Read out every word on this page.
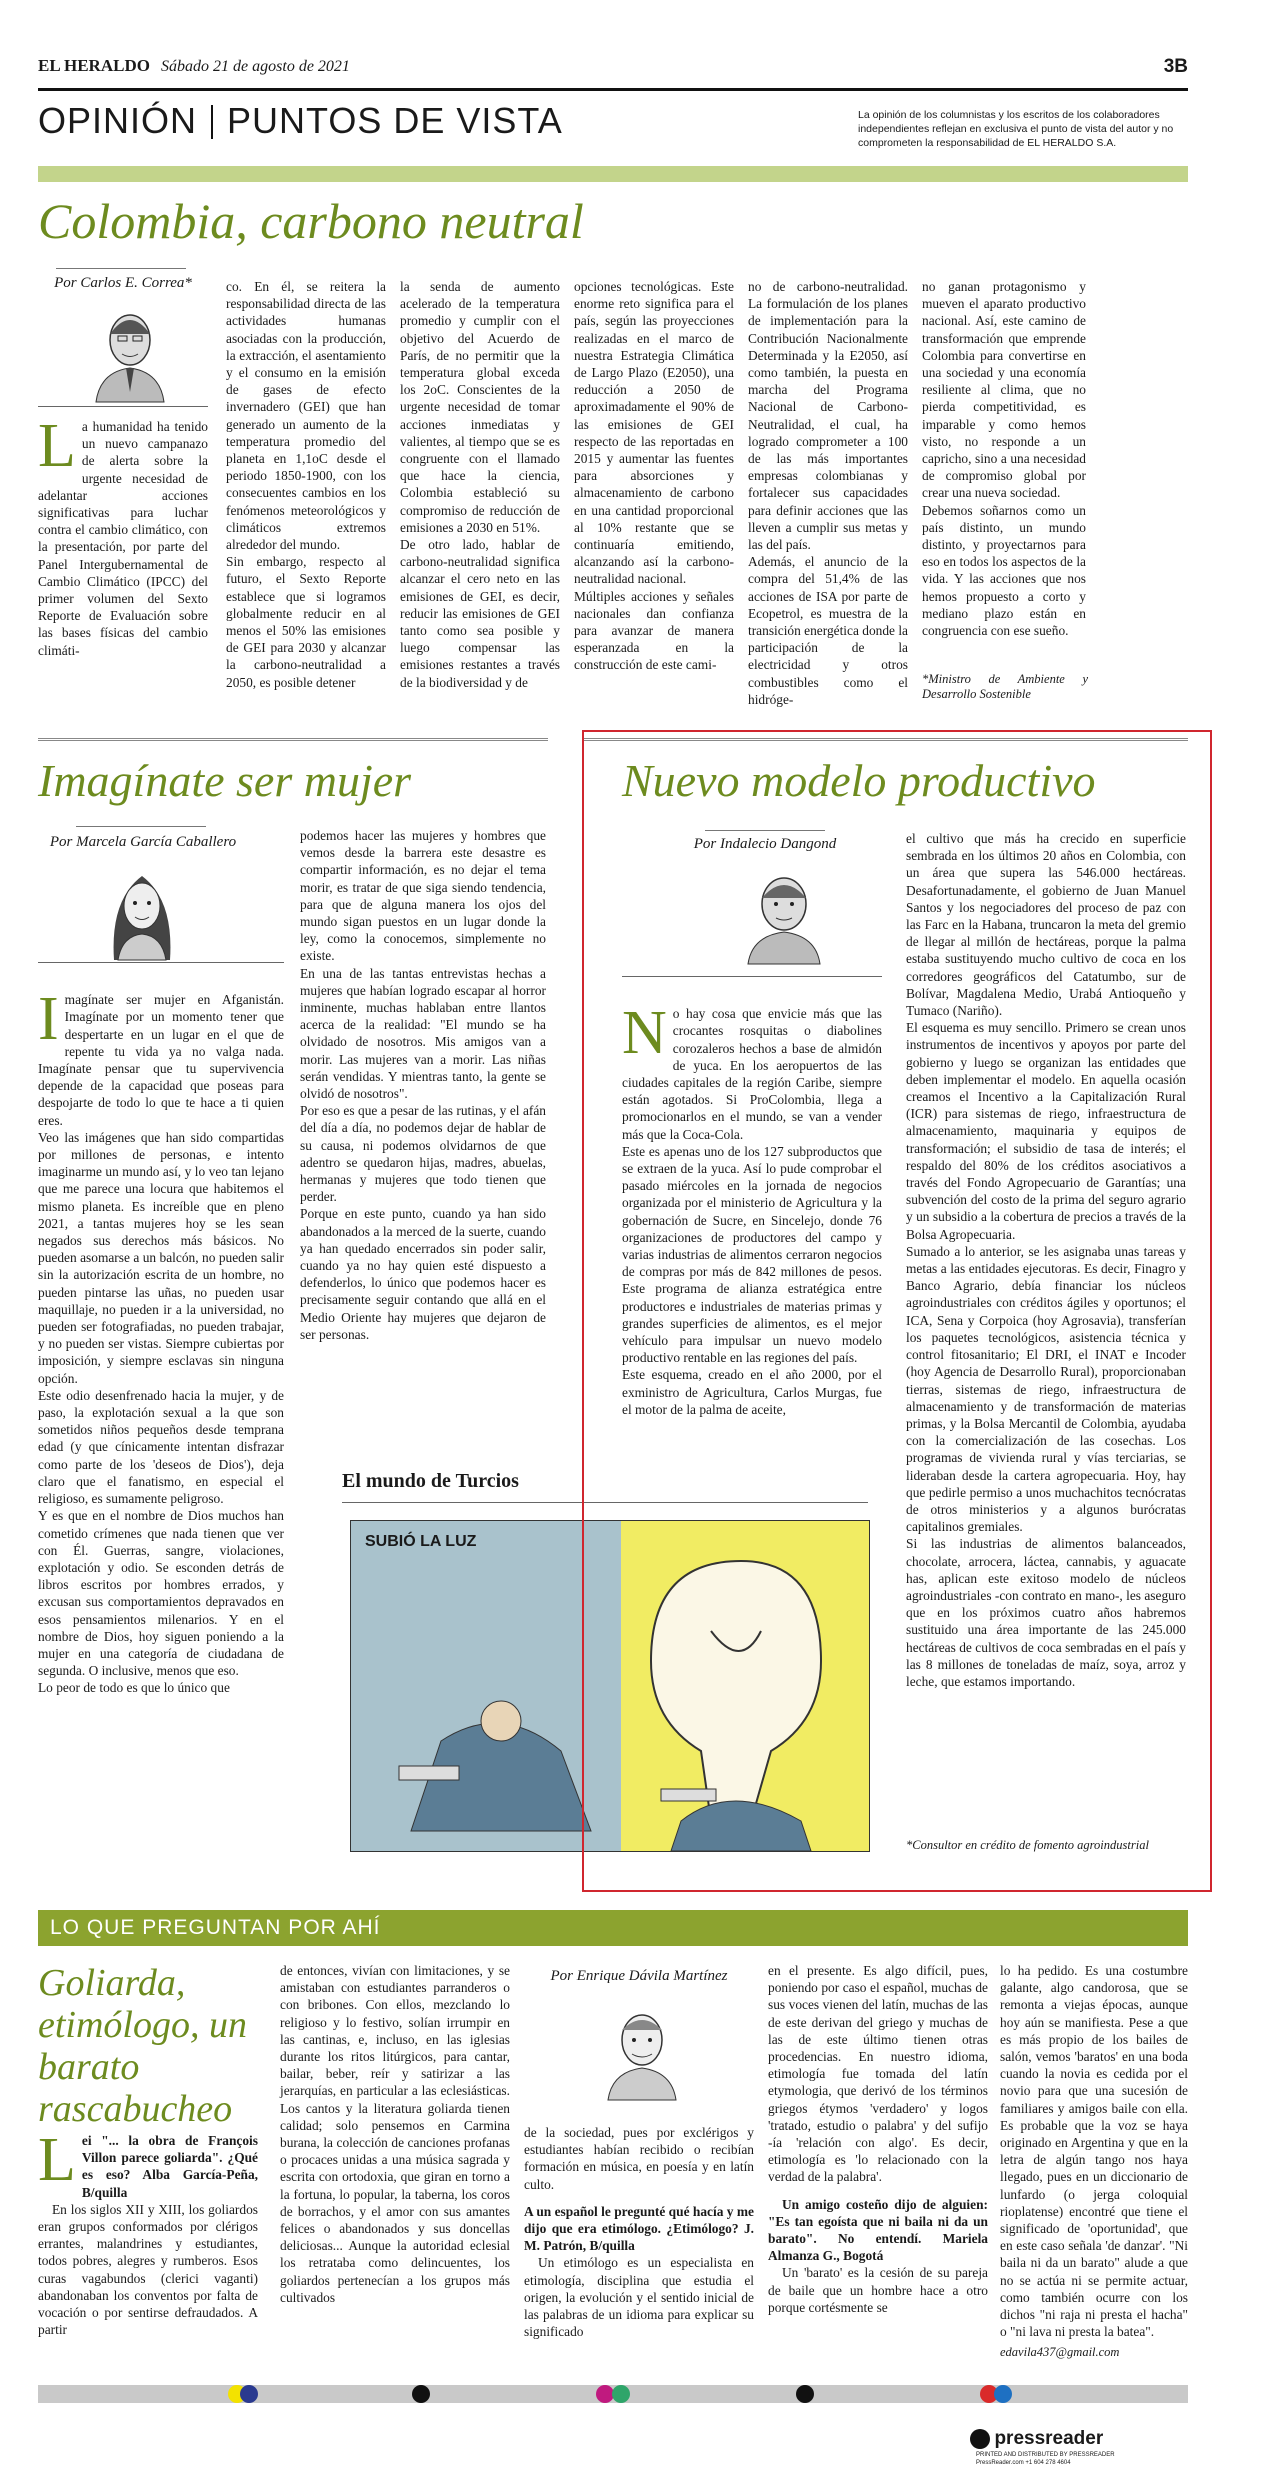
EL HERALDO Sábado 21 de agosto de 2021	3B
OPINIÓN PUNTOS DE VISTA	La opinión de los columnistas y los escritos de los colaboradores independientes reflejan en exclusiva el punto de vista del autor y no comprometen la responsabilidad de EL HERALDO S.A.
Colombia, carbono neutral
Por Carlos E. Correa*
La humanidad ha tenido un nuevo campanazo de alerta sobre la urgente necesidad de adelantar acciones significativas para luchar contra el cambio climático, con la presentación, por parte del Panel Intergubernamental de Cambio Climático (IPCC) del primer volumen del Sexto Reporte de Evaluación sobre las bases físicas del cambio climáti-
co. En él, se reitera la responsabilidad directa de las actividades humanas asociadas con la producción, la extracción, el asentamiento y el consumo en la emisión de gases de efecto invernadero (GEI) que han generado un aumento de la temperatura promedio del planeta en 1,1oC desde el periodo 1850-1900, con los consecuentes cambios en los fenómenos meteorológicos y climáticos extremos alrededor del mundo.
Sin embargo, respecto al futuro, el Sexto Reporte establece que si logramos globalmente reducir en al menos el 50% las emisiones de GEI para 2030 y alcanzar la carbono-neutralidad a 2050, es posible detener
la senda de aumento acelerado de la temperatura promedio y cumplir con el objetivo del Acuerdo de París, de no permitir que la temperatura global exceda los 2oC. Conscientes de la urgente necesidad de tomar acciones inmediatas y valientes, al tiempo que se es congruente con el llamado que hace la ciencia, Colombia estableció su compromiso de reducción de emisiones a 2030 en 51%.
De otro lado, hablar de carbono-neutralidad significa alcanzar el cero neto en las emisiones de GEI, es decir, reducir las emisiones de GEI tanto como sea posible y luego compensar las emisiones restantes a través de la biodiversidad y de
opciones tecnológicas. Este enorme reto significa para el país, según las proyecciones realizadas en el marco de nuestra Estrategia Climática de Largo Plazo (E2050), una reducción a 2050 de aproximadamente el 90% de las emisiones de GEI respecto de las reportadas en 2015 y aumentar las fuentes para absorciones y almacenamiento de carbono en una cantidad proporcional al 10% restante que se continuaría emitiendo, alcanzando así la carbono-neutralidad nacional.
Múltiples acciones y señales nacionales dan confianza para avanzar de manera esperanzada en la construcción de este cami-
no de carbono-neutralidad. La formulación de los planes de implementación para la Contribución Nacionalmente Determinada y la E2050, así como también, la puesta en marcha del Programa Nacional de Carbono-Neutralidad, el cual, ha logrado comprometer a 100 de las más importantes empresas colombianas y fortalecer sus capacidades para definir acciones que las lleven a cumplir sus metas y las del país.
Además, el anuncio de la compra del 51,4% de las acciones de ISA por parte de Ecopetrol, es muestra de la transición energética donde la participación de la electricidad y otros combustibles como el hidróge-
no ganan protagonismo y mueven el aparato productivo nacional. Así, este camino de transformación que emprende Colombia para convertirse en una sociedad y una economía resiliente al clima, que no pierda competitividad, es imparable y como hemos visto, no responde a un capricho, sino a una necesidad de compromiso global por crear una nueva sociedad.
Debemos soñarnos como un país distinto, un mundo distinto, y proyectarnos para eso en todos los aspectos de la vida. Y las acciones que nos hemos propuesto a corto y mediano plazo están en congruencia con ese sueño.
*Ministro de Ambiente y Desarrollo Sostenible
Imagínate ser mujer
Por Marcela García Caballero

Imagínate ser mujer en Afganistán. Imagínate por un momento tener que despertarte en un lugar en el que de repente tu vida ya no valga nada. Imagínate pensar que tu supervivencia depende de la capacidad que poseas para despojarte de todo lo que te hace a ti quien eres.
Veo las imágenes que han sido compartidas por millones de personas, e intento imaginarme un mundo así, y lo veo tan lejano que me parece una locura que habitemos el mismo planeta. Es increíble que en pleno 2021, a tantas mujeres hoy se les sean negados sus derechos más básicos. No pueden asomarse a un balcón, no pueden salir sin la autorización escrita de un hombre, no pueden pintarse las uñas, no pueden usar maquillaje, no pueden ir a la universidad, no pueden ser fotografiadas, no pueden trabajar, y no pueden ser vistas. Siempre cubiertas por imposición, y siempre esclavas sin ninguna opción.
Este odio desenfrenado hacia la mujer, y de paso, la explotación sexual a la que son sometidos niños pequeños desde temprana edad (y que cínicamente intentan disfrazar como parte de los 'deseos de Dios'), deja claro que el fanatismo, en especial el religioso, es sumamente peligroso.
Y es que en el nombre de Dios muchos han cometido crímenes que nada tienen que ver con Él. Guerras, sangre, violaciones, explotación y odio. Se esconden detrás de libros escritos por hombres errados, y excusan sus comportamientos depravados en esos pensamientos milenarios. Y en el nombre de Dios, hoy siguen poniendo a la mujer en una categoría de ciudadana de segunda. O inclusive, menos que eso.
Lo peor de todo es que lo único que

podemos hacer las mujeres y hombres que vemos desde la barrera este desastre es compartir información, es no dejar el tema morir, es tratar de que siga siendo tendencia, para que de alguna manera los ojos del mundo sigan puestos en un lugar donde la ley, como la conocemos, simplemente no existe.
En una de las tantas entrevistas hechas a mujeres que habían logrado escapar al horror inminente, muchas hablaban entre llantos acerca de la realidad: "El mundo se ha olvidado de nosotros. Mis amigos van a morir. Las mujeres van a morir. Las niñas serán vendidas. Y mientras tanto, la gente se olvidó de nosotros".
Por eso es que a pesar de las rutinas, y el afán del día a día, no podemos dejar de hablar de su causa, ni podemos olvidarnos de que adentro se quedaron hijas, madres, abuelas, hermanas y mujeres que todo tienen que perder.
Porque en este punto, cuando ya han sido abandonados a la merced de la suerte, cuando ya han quedado encerrados sin poder salir, cuando ya no hay quien esté dispuesto a defenderlos, lo único que podemos hacer es precisamente seguir contando que allá en el Medio Oriente hay mujeres que dejaron de ser personas.
El mundo de Turcios
SUBIÓ LA LUZ
Nuevo modelo productivo
Por Indalecio Dangond

No hay cosa que envicie más que las crocantes rosquitas o diabolines corozaleros hechos a base de almidón de yuca. En los aeropuertos de las ciudades capitales de la región Caribe, siempre están agotados. Si ProColombia, llega a promocionarlos en el mundo, se van a vender más que la Coca-Cola.
Este es apenas uno de los 127 subproductos que se extraen de la yuca. Así lo pude comprobar el pasado miércoles en la jornada de negocios organizada por el ministerio de Agricultura y la gobernación de Sucre, en Sincelejo, donde 76 organizaciones de productores del campo y varias industrias de alimentos cerraron negocios de compras por más de 842 millones de pesos. Este programa de alianza estratégica entre productores e industriales de materias primas y grandes superficies de alimentos, es el mejor vehículo para impulsar un nuevo modelo productivo rentable en las regiones del país.
Este esquema, creado en el año 2000, por el exministro de Agricultura, Carlos Murgas, fue el motor de la palma de aceite,

el cultivo que más ha crecido en superficie sembrada en los últimos 20 años en Colombia, con un área que supera las 546.000 hectáreas. Desafortunadamente, el gobierno de Juan Manuel Santos y los negociadores del proceso de paz con las Farc en la Habana, truncaron la meta del gremio de llegar al millón de hectáreas, porque la palma estaba sustituyendo mucho cultivo de coca en los corredores geográficos del Catatumbo, sur de Bolívar, Magdalena Medio, Urabá Antioqueño y Tumaco (Nariño).
El esquema es muy sencillo. Primero se crean unos instrumentos de incentivos y apoyos por parte del gobierno y luego se organizan las entidades que deben implementar el modelo. En aquella ocasión creamos el Incentivo a la Capitalización Rural (ICR) para sistemas de riego, infraestructura de almacenamiento, maquinaria y equipos de transformación; el subsidio de tasa de interés; el respaldo del 80% de los créditos asociativos a través del Fondo Agropecuario de Garantías; una subvención del costo de la prima del seguro agrario y un subsidio a la cobertura de precios a través de la Bolsa Agropecuaria.
Sumado a lo anterior, se les asignaba unas tareas y metas a las entidades ejecutoras. Es decir, Finagro y Banco Agrario, debía financiar los núcleos agroindustriales con créditos ágiles y oportunos; el ICA, Sena y Corpoica (hoy Agrosavia), transferían los paquetes tecnológicos, asistencia técnica y control fitosanitario; El DRI, el INAT e Incoder (hoy Agencia de Desarrollo Rural), proporcionaban tierras, sistemas de riego, infraestructura de almacenamiento y de transformación de materias primas, y la Bolsa Mercantil de Colombia, ayudaba con la comercialización de las cosechas. Los programas de vivienda rural y vías terciarias, se lideraban desde la cartera agropecuaria. Hoy, hay que pedirle permiso a unos muchachitos tecnócratas de otros ministerios y a algunos burócratas capitalinos gremiales.
Si las industrias de alimentos balanceados, chocolate, arrocera, láctea, cannabis, y aguacate has, aplican este exitoso modelo de núcleos agroindustriales -con contrato en mano-, les aseguro que en los próximos cuatro años habremos sustituido una área importante de las 245.000 hectáreas de cultivos de coca sembradas en el país y las 8 millones de toneladas de maíz, soya, arroz y leche, que estamos importando.
*Consultor en crédito de fomento agroindustrial
LO QUE PREGUNTAN POR AHÍ
Goliarda, etimólogo, un barato rascabucheo
Lei "... la obra de François Villon parece goliarda". ¿Qué es eso? Alba García-Peña, B/quilla

En los siglos XII y XIII, los goliardos eran grupos conformados por clérigos errantes, malandrines y estudiantes, todos pobres, alegres y rumberos. Esos curas vagabundos (clerici vaganti) abandonaban los conventos por falta de vocación o por sentirse defraudados. A partir

de entonces, vivían con limitaciones, y se amistaban con estudiantes parranderos o con bribones. Con ellos, mezclando lo religioso y lo festivo, solían irrumpir en las cantinas, e, incluso, en las iglesias durante los ritos litúrgicos, para cantar, bailar, beber, reír y satirizar a las jerarquías, en particular a las eclesiásticas. Los cantos y la literatura goliarda tienen calidad; solo pensemos en Carmina burana, la colección de canciones profanas o procaces unidas a una música sagrada y escrita con ortodoxia, que giran en torno a la fortuna, lo popular, la taberna, los coros de borrachos, y el amor con sus amantes felices o abandonados y sus doncellas deliciosas... Aunque la autoridad eclesial los retrataba como delincuentes, los goliardos pertenecían a los grupos más cultivados
Por Enrique Dávila Martínez

de la sociedad, pues por exclérigos y estudiantes habían recibido o recibían formación en música, en poesía y en latín culto.

A un español le pregunté qué hacía y me dijo que era etimólogo. ¿Etimólogo? J. M. Patrón, B/quilla

Un etimólogo es un especialista en etimología, disciplina que estudia el origen, la evolución y el sentido inicial de las palabras de un idioma para explicar su significado

en el presente. Es algo difícil, pues, poniendo por caso el español, muchas de sus voces vienen del latín, muchas de las de este derivan del griego y muchas de las de este último tienen otras procedencias. En nuestro idioma, etimología fue tomada del latín etymologia, que derivó de los términos griegos étymos 'verdadero' y logos 'tratado, estudio o palabra' y del sufijo -ía 'relación con algo'. Es decir, etimología es 'lo relacionado con la verdad de la palabra'.

Un amigo costeño dijo de alguien: "Es tan egoísta que ni baila ni da un barato". No entendí. Mariela Almanza G., Bogotá

Un 'barato' es la cesión de su pareja de baile que un hombre hace a otro porque cortésmente se

lo ha pedido. Es una costumbre galante, algo candorosa, que se remonta a viejas épocas, aunque hoy aún se manifiesta. Pese a que es más propio de los bailes de salón, vemos 'baratos' en una boda cuando la novia es cedida por el novio para que una sucesión de familiares y amigos baile con ella. Es probable que la voz se haya originado en Argentina y que en la letra de algún tango nos haya llegado, pues en un diccionario de lunfardo (o jerga coloquial rioplatense) encontré que tiene el significado de 'oportunidad', que en este caso señala 'de danzar'. "Ni baila ni da un barato" alude a que no se actúa ni se permite actuar, como también ocurre con los dichos "ni raja ni presta el hacha" o "ni lava ni presta la batea".

edavila437@gmail.com

pressreader PRINTED AND DISTRIBUTED BY PRESSREADER
PressReader.com +1 604 278 4604
